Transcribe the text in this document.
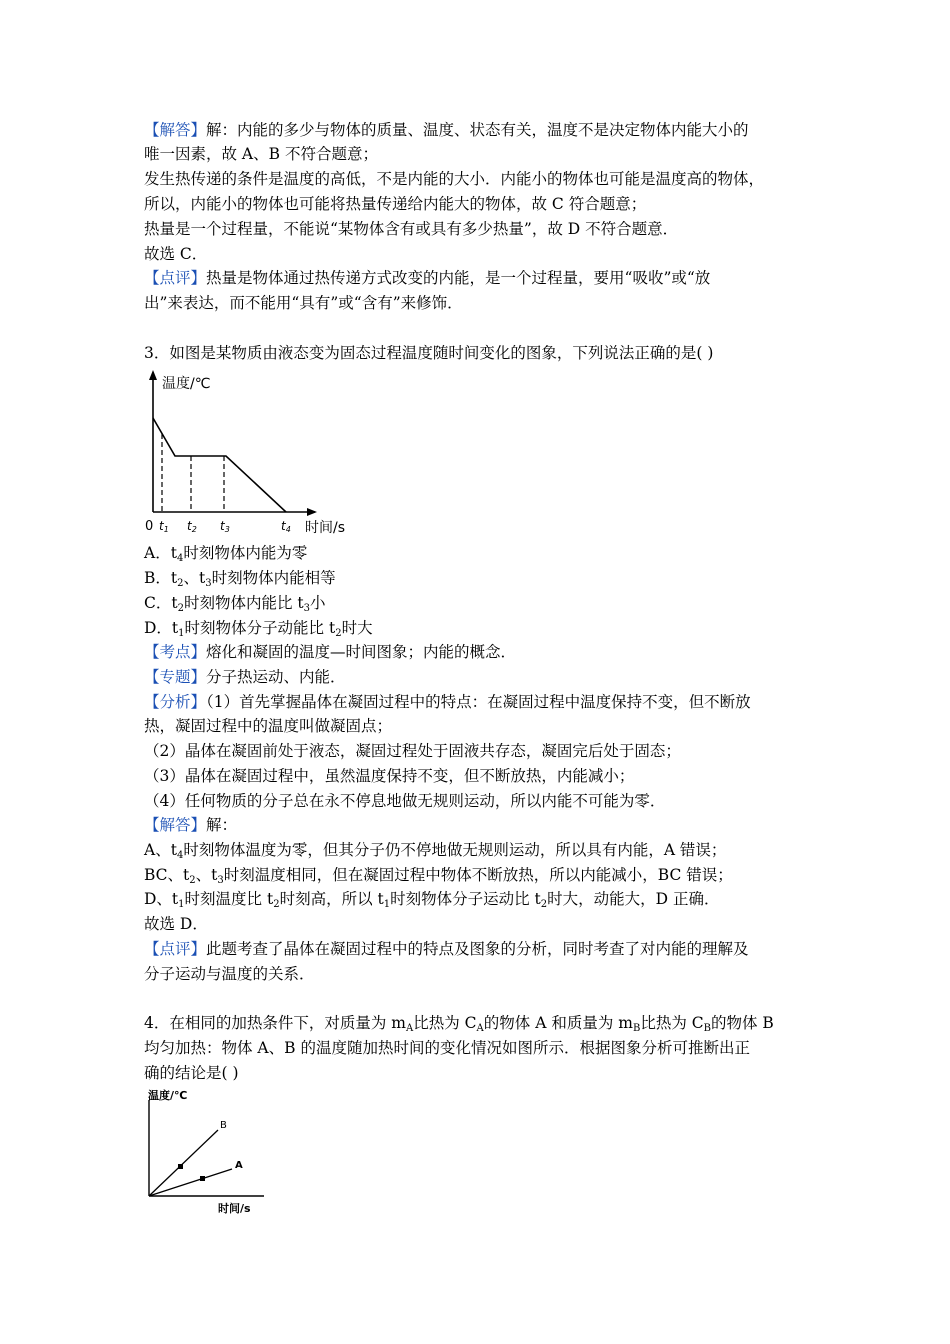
【解答】解：内能的多少与物体的质量、温度、状态有关，温度不是决定物体内能大小的
唯一因素，故 A、B 不符合题意；
发生热传递的条件是温度的高低，不是内能的大小．内能小的物体也可能是温度高的物体，
所以，内能小的物体也可能将热量传递给内能大的物体，故 C 符合题意；
热量是一个过程量，不能说“某物体含有或具有多少热量”，故 D 不符合题意．
故选 C．
【点评】热量是物体通过热传递方式改变的内能，是一个过程量，要用“吸收”或“放
出”来表达，而不能用“具有”或“含有”来修饰．
3．如图是某物质由液态变为固态过程温度随时间变化的图象，下列说法正确的是( )
温度/℃
时间/s
0 t1 t2 t3	t4
A．$t_4$时刻物体内能为零
B．$t_2$、$t_3$时刻物体内能相等
C．$t_2$时刻物体内能比 $t_3$小
D．$t_1$时刻物体分子动能比 $t_2$时大
【考点】熔化和凝固的温度—时间图象；内能的概念．
【专题】分子热运动、内能．
【分析】（1）首先掌握晶体在凝固过程中的特点：在凝固过程中温度保持不变，但不断放
热，凝固过程中的温度叫做凝固点；
（2）晶体在凝固前处于液态，凝固过程处于固液共存态，凝固完后处于固态；
（3）晶体在凝固过程中，虽然温度保持不变，但不断放热，内能减小；
（4）任何物质的分子总在永不停息地做无规则运动，所以内能不可能为零．
【解答】解：
A、$t_4$时刻物体温度为零，但其分子仍不停地做无规则运动，所以具有内能，A 错误；
BC、$t_2$、$t_3$时刻温度相同，但在凝固过程中物体不断放热，所以内能减小，BC 错误；
D、$t_1$时刻温度比 $t_2$时刻高，所以 $t_1$时刻物体分子运动比 $t_2$时大，动能大，D 正确．
故选 D．
【点评】此题考查了晶体在凝固过程中的特点及图象的分析，同时考查了对内能的理解及
分子运动与温度的关系．
4．在相同的加热条件下，对质量为 $m_A$比热为 $C_A$的物体 A 和质量为 $m_B$比热为 $C_B$的物体 B
均匀加热：物体 A、B 的温度随加热时间的变化情况如图所示．根据图象分析可推断出正
确的结论是( )
温度/℃
时间/s
B
A
